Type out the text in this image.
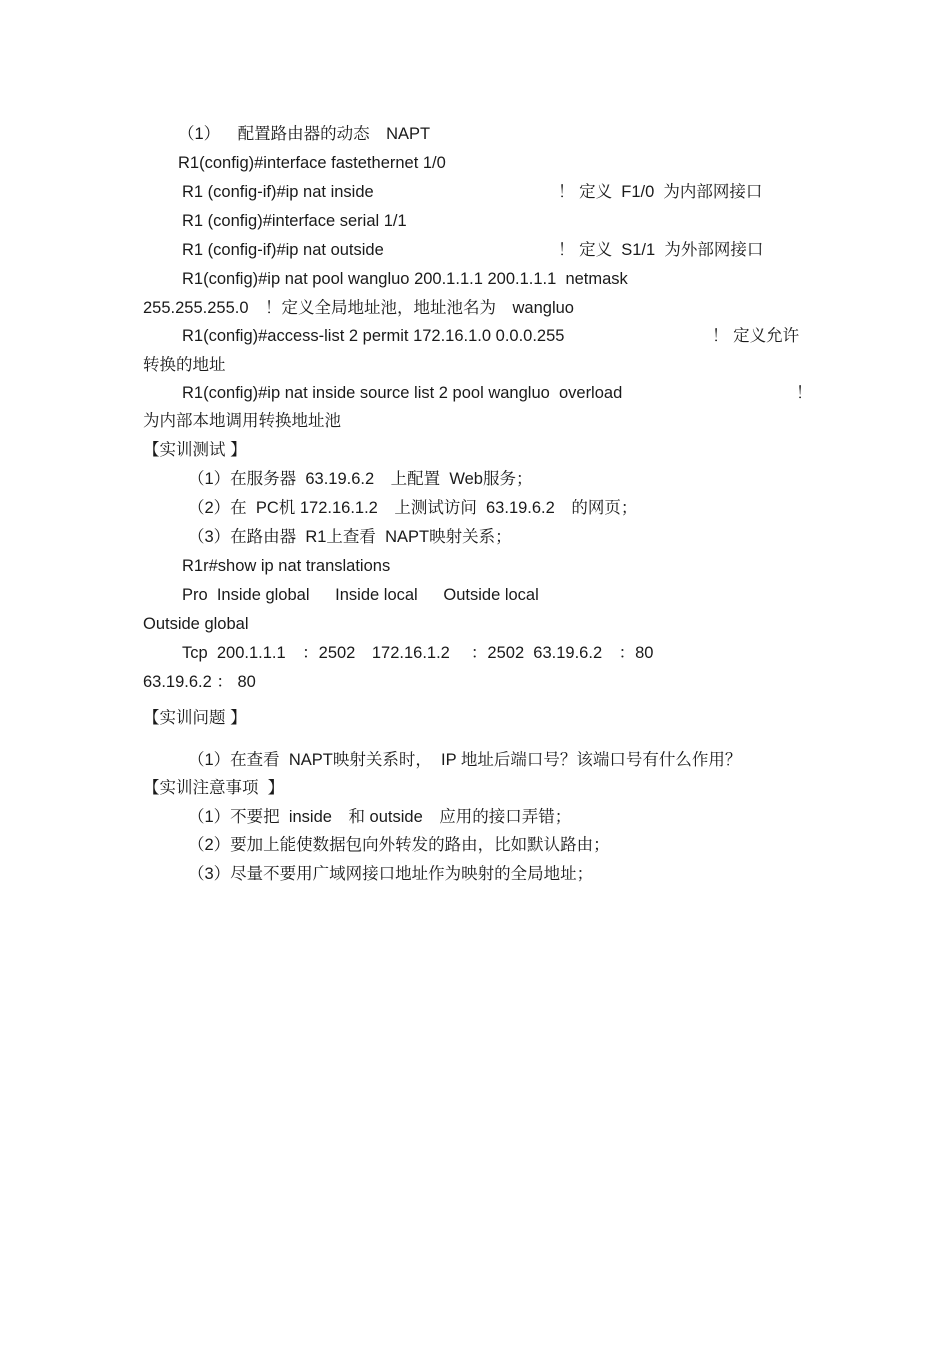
（1）　  配置路由器的动态　NAPT
R1(config)#interface fastethernet 1/0
R1 (config-if)#ip nat inside	！ 定义  F1/0  为内部网接口
R1 (config)#interface serial 1/1
R1 (config-if)#ip nat outside	！ 定义  S1/1  为外部网接口
R1(config)#ip nat pool wangluo 200.1.1.1 200.1.1.1  netmask
255.255.255.0　！定义全局地址池，地址池名为　wangluo
R1(config)#access-list 2 permit 172.16.1.0 0.0.0.255	！ 定义允许
转换的地址
R1(config)#ip nat inside source list 2 pool wangluo  overload	！
为内部本地调用转换地址池
【实训测试 】
（1）在服务器  63.19.6.2　上配置  Web服务；
（2）在  PC机 172.16.1.2　上测试访问  63.19.6.2　的网页；
（3）在路由器  R1上查看  NAPT映射关系；
R1r#show ip nat translations
Pro  Inside global　  Inside local　  Outside local
Outside global
Tcp  200.1.1.1　：2502　172.16.1.2　 ：2502  63.19.6.2　：80
63.19.6.2 ： 80
【实训问题 】
（1）在查看  NAPT映射关系时，  IP 地址后端口号？该端口号有什么作用？
【实训注意事项  】
（1）不要把  inside　和 outside　应用的接口弄错；
（2）要加上能使数据包向外转发的路由，比如默认路由；
（3）尽量不要用广域网接口地址作为映射的全局地址；
